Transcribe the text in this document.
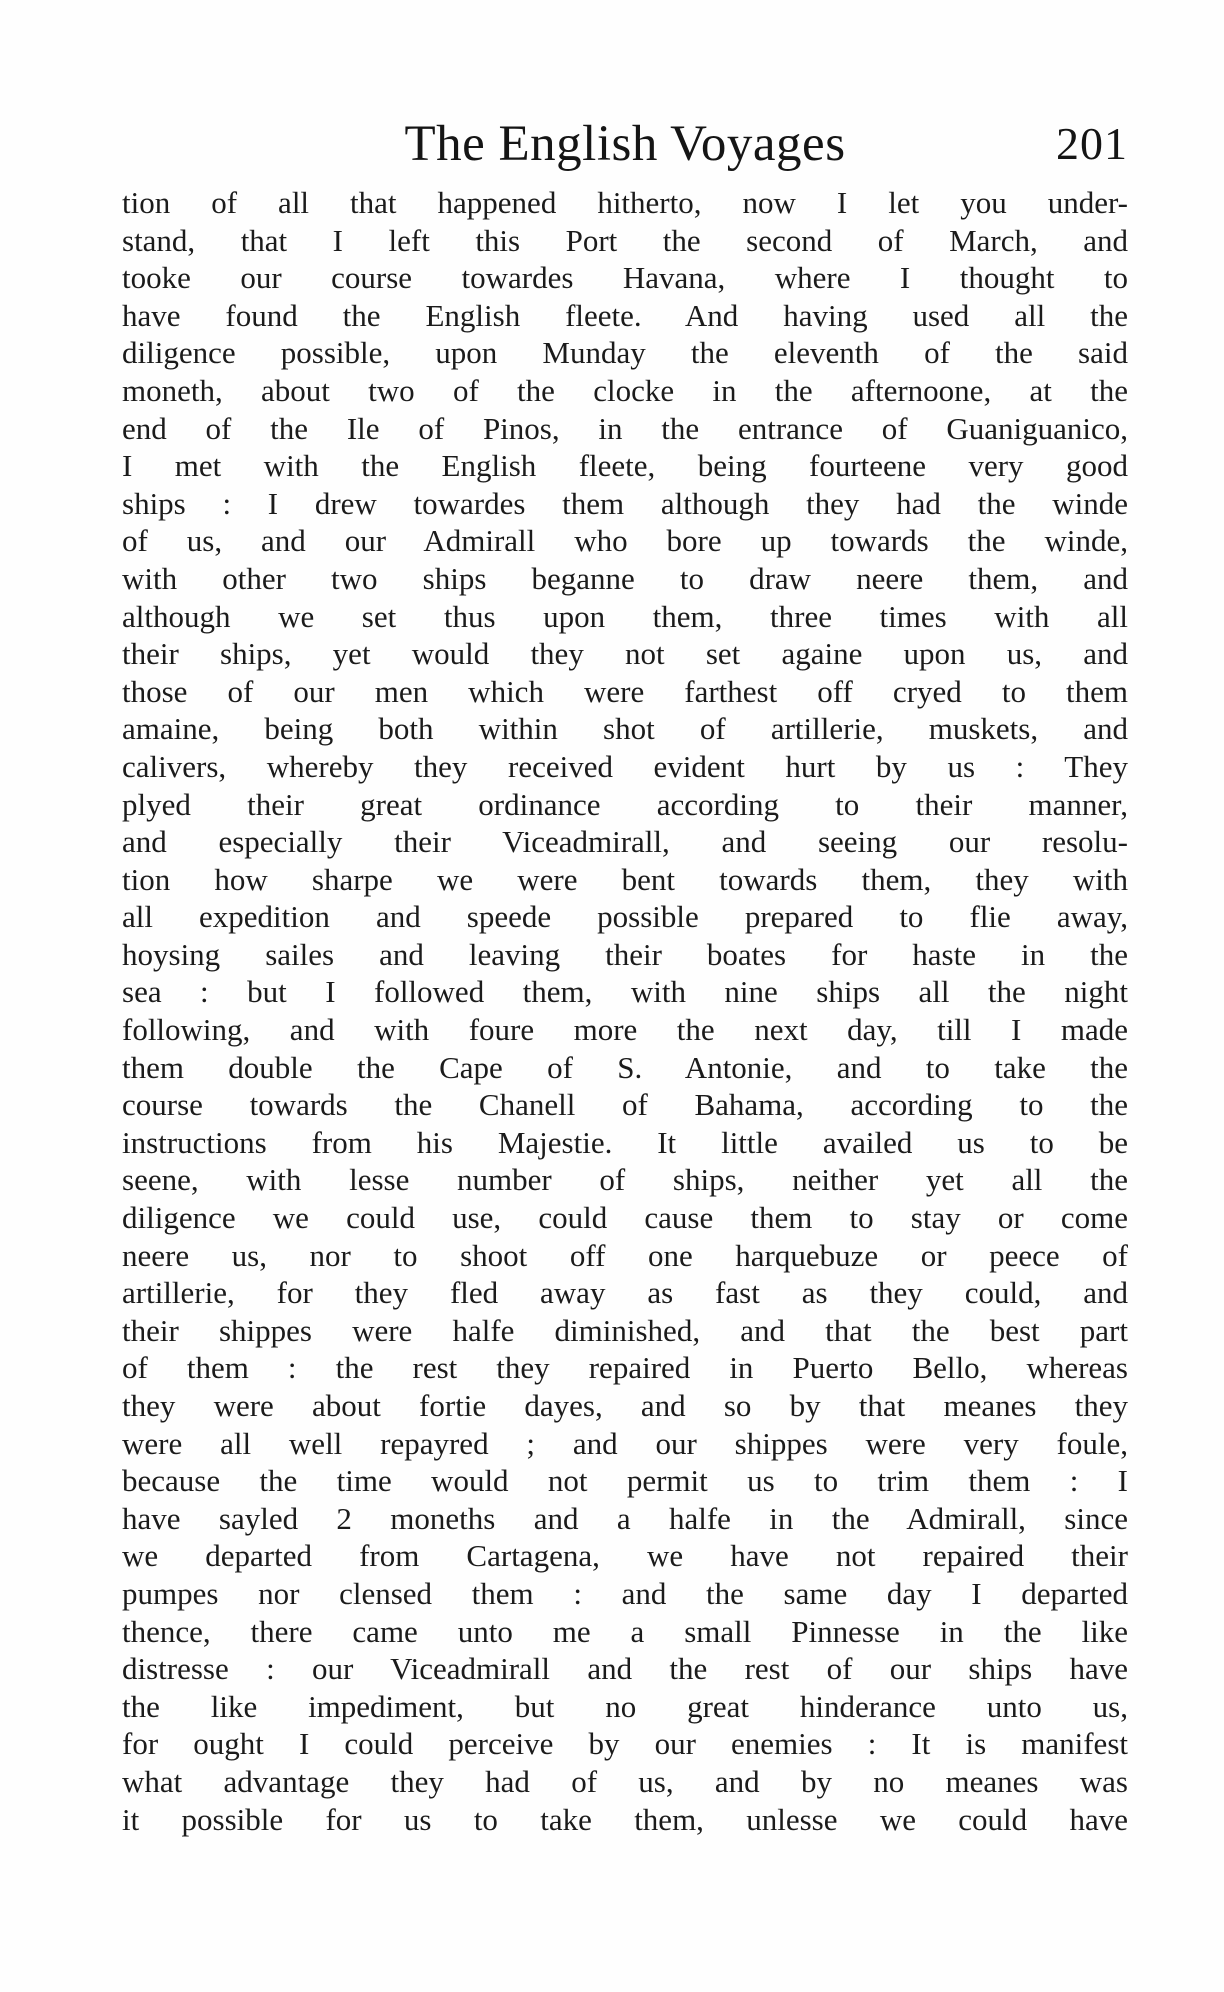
The English Voyages	201
tion of all that happened hitherto, now I let you under-
stand, that I left this Port the second of March, and
tooke our course towardes Havana, where I thought to
have found the English fleete. And having used all the
diligence possible, upon Munday the eleventh of the said
moneth, about two of the clocke in the afternoone, at the
end of the Ile of Pinos, in the entrance of Guaniguanico,
I met with the English fleete, being fourteene very good
ships : I drew towardes them although they had the winde
of us, and our Admirall who bore up towards the winde,
with other two ships beganne to draw neere them, and
although we set thus upon them, three times with all
their ships, yet would they not set againe upon us, and
those of our men which were farthest off cryed to them
amaine, being both within shot of artillerie, muskets, and
calivers, whereby they received evident hurt by us : They
plyed their great ordinance according to their manner,
and especially their Viceadmirall, and seeing our resolu-
tion how sharpe we were bent towards them, they with
all expedition and speede possible prepared to flie away,
hoysing sailes and leaving their boates for haste in the
sea : but I followed them, with nine ships all the night
following, and with foure more the next day, till I made
them double the Cape of S. Antonie, and to take the
course towards the Chanell of Bahama, according to the
instructions from his Majestie. It little availed us to be
seene, with lesse number of ships, neither yet all the
diligence we could use, could cause them to stay or come
neere us, nor to shoot off one harquebuze or peece of
artillerie, for they fled away as fast as they could, and
their shippes were halfe diminished, and that the best part
of them : the rest they repaired in Puerto Bello, whereas
they were about fortie dayes, and so by that meanes they
were all well repayred ; and our shippes were very foule,
because the time would not permit us to trim them : I
have sayled 2 moneths and a halfe in the Admirall, since
we departed from Cartagena, we have not repaired their
pumpes nor clensed them : and the same day I departed
thence, there came unto me a small Pinnesse in the like
distresse : our Viceadmirall and the rest of our ships have
the like impediment, but no great hinderance unto us,
for ought I could perceive by our enemies : It is manifest
what advantage they had of us, and by no meanes was
it possible for us to take them, unlesse we could have
